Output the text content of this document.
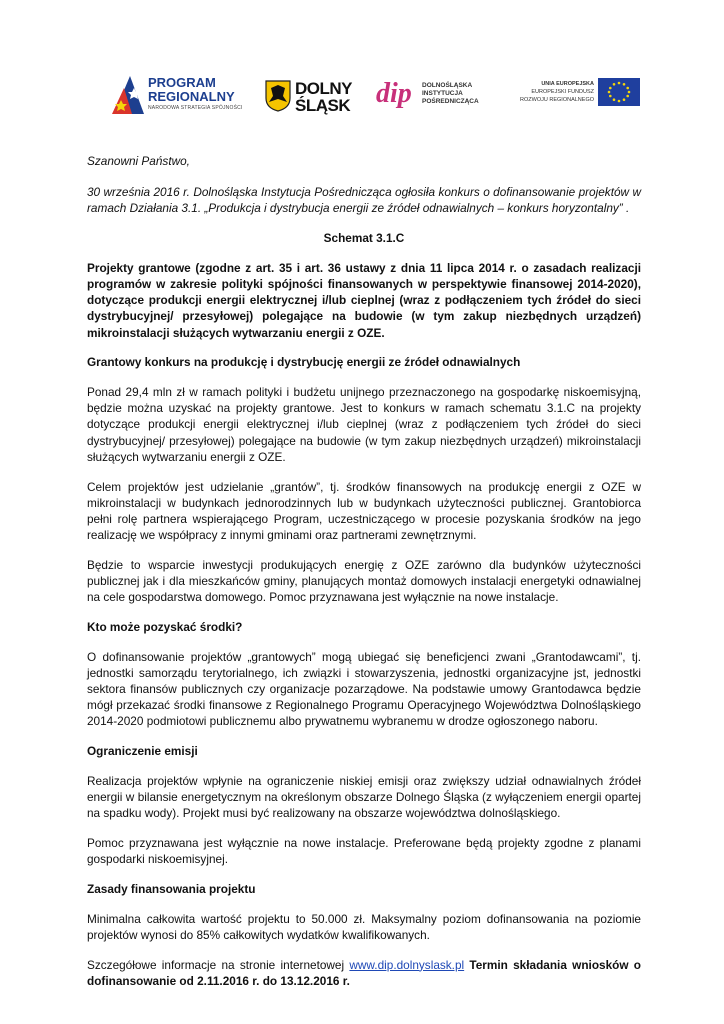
PROGRAM
REGIONALNY
NARODOWA STRATEGIA SPÓJNOŚCI
DOLNY
ŚLĄSK dip DOLNOŚLĄSKA
INSTYTUCJA
POŚREDNICZĄCA
UNIA EUROPEJSKA
EUROPEJSKI FUNDUSZ
ROZWOJU REGIONALNEGO

Szanowni Państwo,

30 września 2016 r. Dolnośląska Instytucja Pośrednicząca ogłosiła konkurs o dofinansowanie projektów w ramach Działania 3.1. „Produkcja i dystrybucja energii ze źródeł odnawialnych – konkurs horyzontalny” .

Schemat 3.1.C

Projekty grantowe (zgodne z art. 35 i art. 36 ustawy z dnia 11 lipca 2014 r. o zasadach realizacji programów w zakresie polityki spójności finansowanych w perspektywie finansowej 2014-2020), dotyczące produkcji energii elektrycznej i/lub cieplnej (wraz z podłączeniem tych źródeł do sieci dystrybucyjnej/ przesyłowej) polegające na budowie (w tym zakup niezbędnych urządzeń) mikroinstalacji służących wytwarzaniu energii z OZE.

Grantowy konkurs na produkcję i dystrybucję energii ze źródeł odnawialnych

Ponad 29,4 mln zł w ramach polityki i budżetu unijnego przeznaczonego na gospodarkę niskoemisyjną, będzie można uzyskać na projekty grantowe. Jest to konkurs w ramach schematu 3.1.C na projekty dotyczące produkcji energii elektrycznej i/lub cieplnej (wraz z podłączeniem tych źródeł do sieci dystrybucyjnej/ przesyłowej) polegające na budowie (w tym zakup niezbędnych urządzeń) mikroinstalacji służących wytwarzaniu energii z OZE.

Celem projektów jest udzielanie „grantów”, tj. środków finansowych na produkcję energii z OZE w mikroinstalacji w budynkach jednorodzinnych lub w budynkach użyteczności publicznej. Grantobiorca pełni rolę partnera wspierającego Program, uczestniczącego w procesie pozyskania środków na jego realizację we współpracy z innymi gminami oraz partnerami zewnętrznymi.

Będzie to wsparcie inwestycji produkujących energię z OZE zarówno dla budynków użyteczności publicznej jak i dla mieszkańców gminy, planujących montaż domowych instalacji energetyki odnawialnej na cele gospodarstwa domowego. Pomoc przyznawana jest wyłącznie na nowe instalacje.

Kto może pozyskać środki?

O dofinansowanie projektów „grantowych” mogą ubiegać się beneficjenci zwani „Grantodawcami”, tj. jednostki samorządu terytorialnego, ich związki i stowarzyszenia, jednostki organizacyjne jst, jednostki sektora finansów publicznych czy organizacje pozarządowe. Na podstawie umowy Grantodawca będzie mógł przekazać środki finansowe z Regionalnego Programu Operacyjnego Województwa Dolnośląskiego 2014-2020 podmiotowi publicznemu albo prywatnemu wybranemu w drodze ogłoszonego naboru.

Ograniczenie emisji

Realizacja projektów wpłynie na ograniczenie niskiej emisji oraz zwiększy udział odnawialnych źródeł energii w bilansie energetycznym na określonym obszarze Dolnego Śląska (z wyłączeniem energii opartej na spadku wody). Projekt musi być realizowany na obszarze województwa dolnośląskiego.

Pomoc przyznawana jest wyłącznie na nowe instalacje. Preferowane będą projekty zgodne z planami gospodarki niskoemisyjnej.

Zasady finansowania projektu

Minimalna całkowita wartość projektu to 50.000 zł. Maksymalny poziom dofinansowania na poziomie projektów wynosi do 85% całkowitych wydatków kwalifikowanych.

Szczegółowe informacje na stronie internetowej www.dip.dolnyslask.pl Termin składania wniosków o dofinansowanie od 2.11.2016 r. do 13.12.2016 r.
